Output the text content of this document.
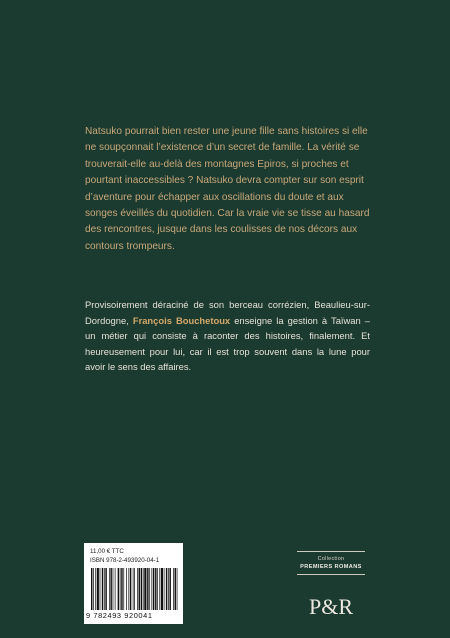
Natsuko pourrait bien rester une jeune fille sans histoires si elle ne soupçonnait l’existence d’un secret de famille. La vérité se trouverait-elle au-delà des montagnes Epiros, si proches et pourtant inaccessibles ? Natsuko devra compter sur son esprit d’aventure pour échapper aux oscillations du doute et aux songes éveillés du quotidien. Car la vraie vie se tisse au hasard des rencontres, jusque dans les coulisses de nos décors aux contours trompeurs.

Provisoirement déraciné de son berceau corrézien, Beaulieu-sur-Dordogne, François Bouchetoux enseigne la gestion à Taïwan – un métier qui consiste à raconter des histoires, finalement. Et heureusement pour lui, car il est trop souvent dans la lune pour avoir le sens des affaires.

11,00 € TTC
ISBN 978-2-493920-04-1
9 782493 920041
Collection
PREMIERS ROMANS
P&R
